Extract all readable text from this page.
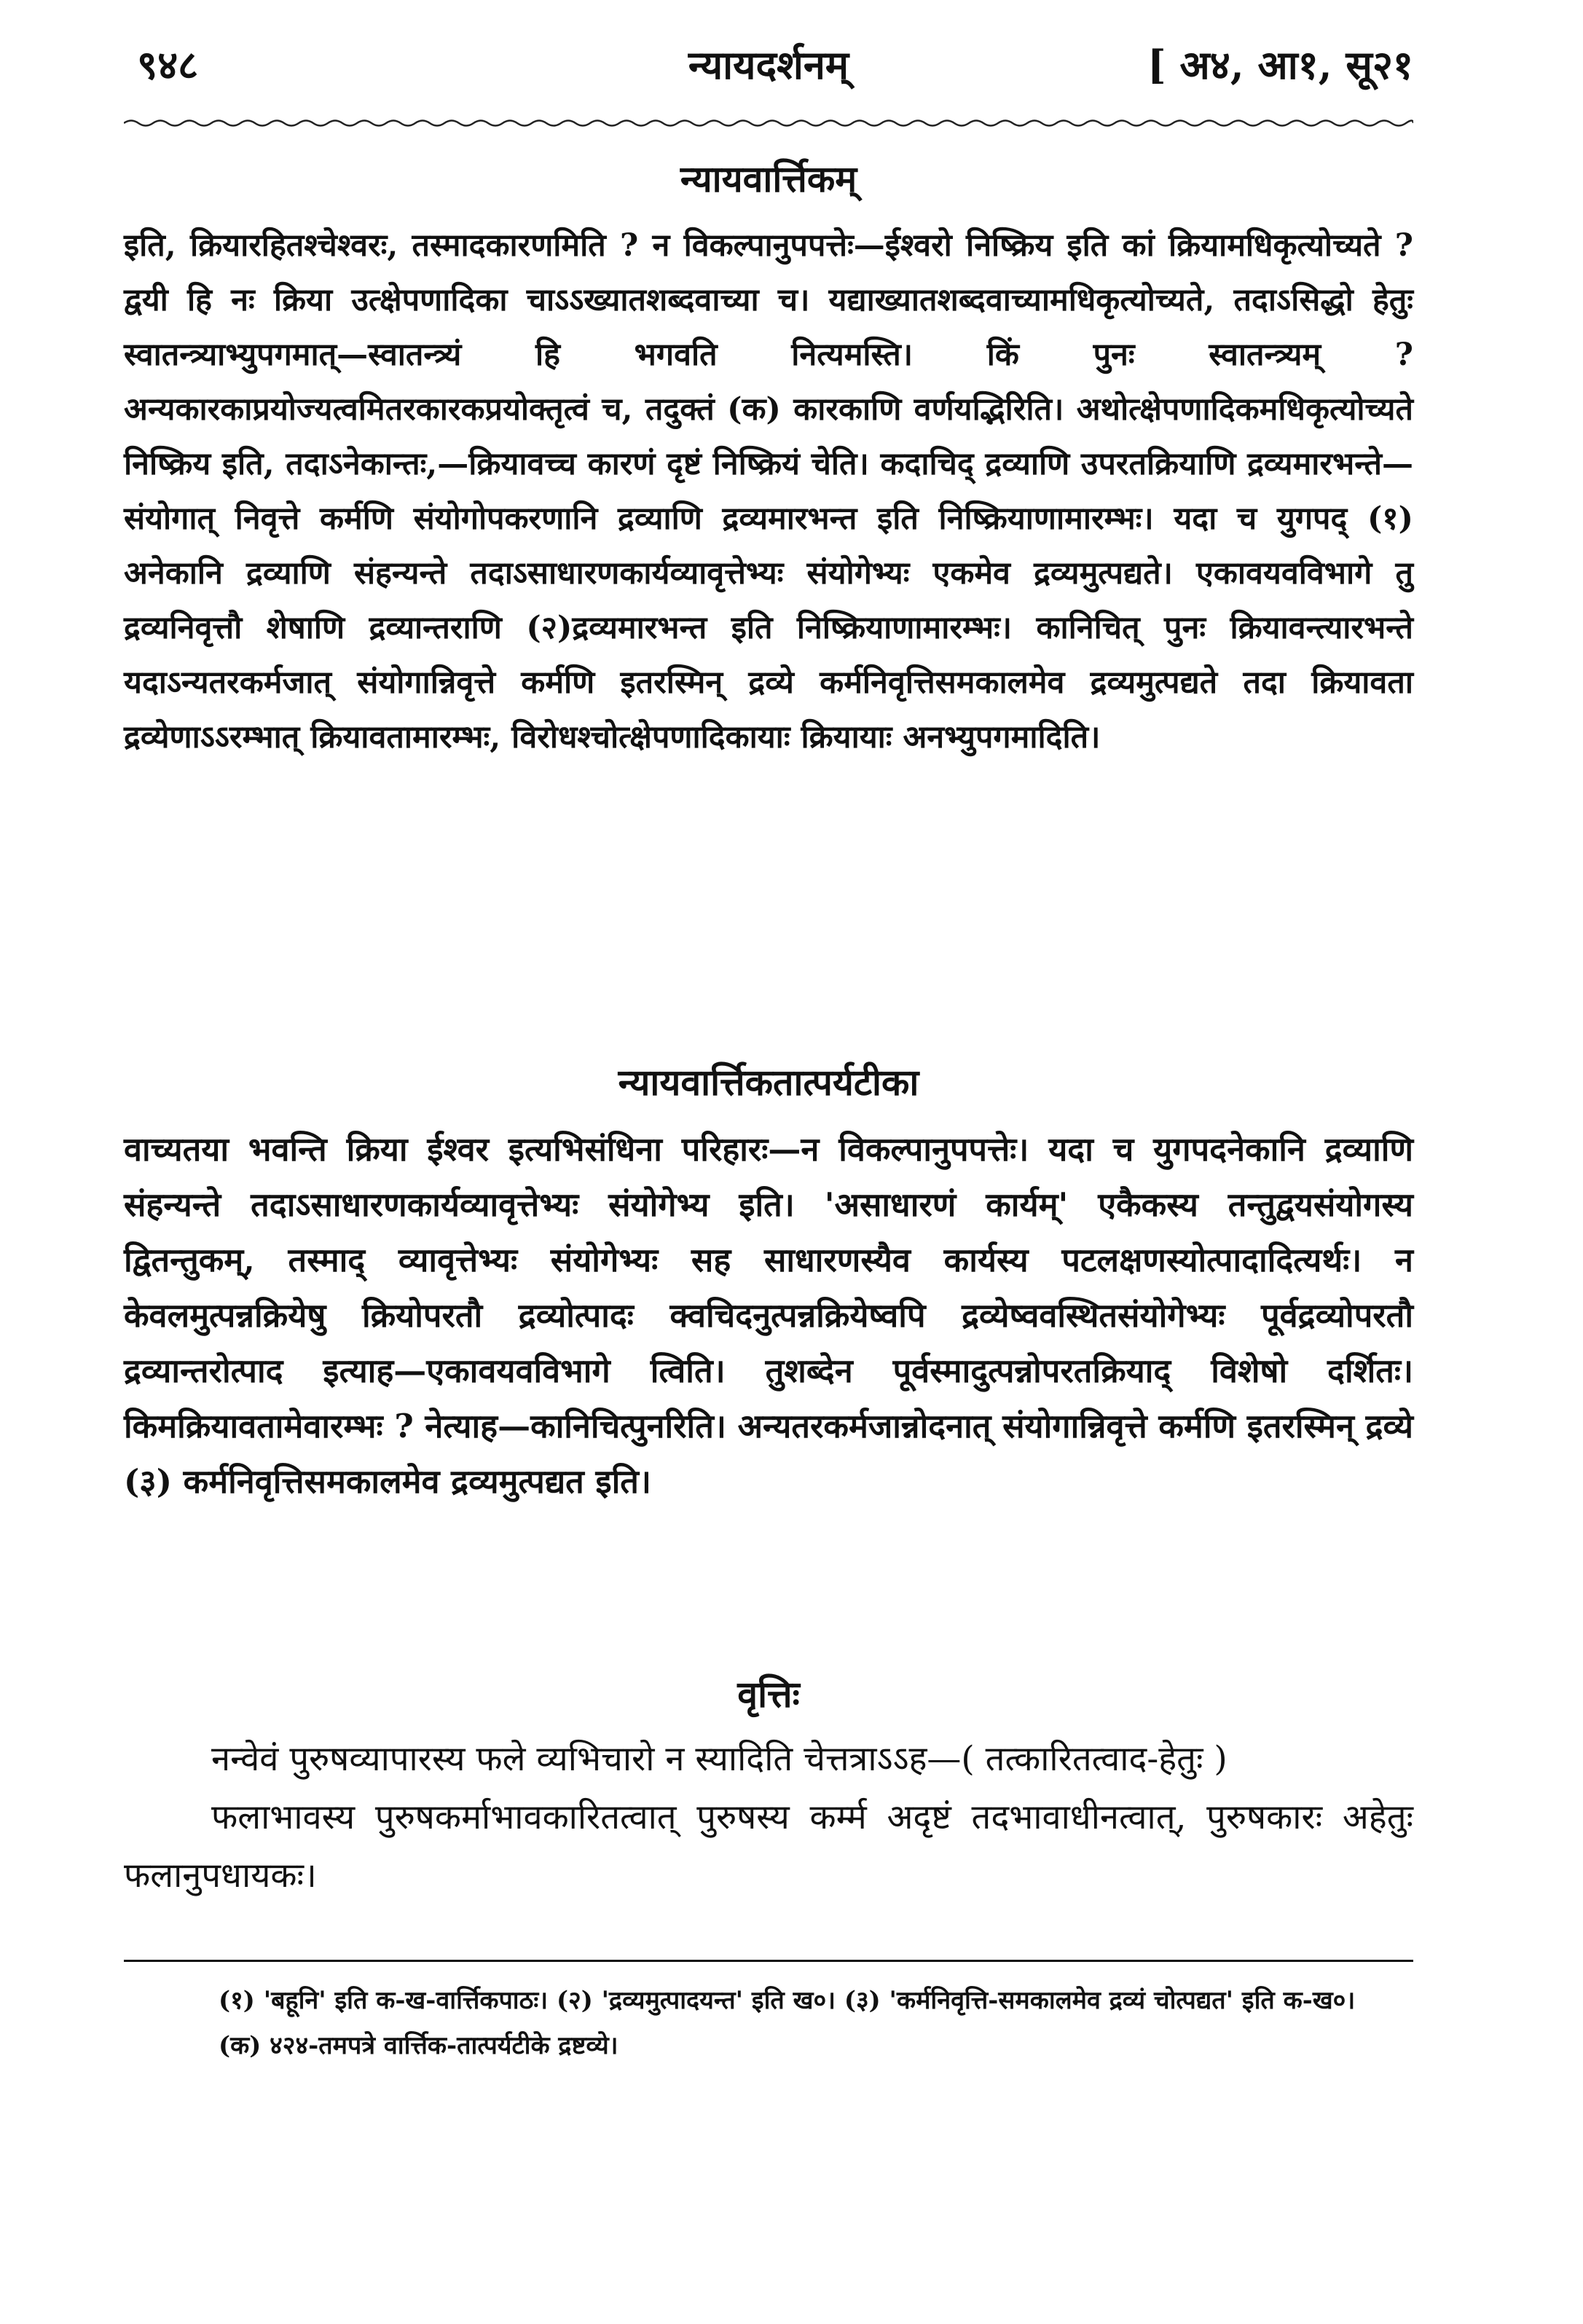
९४८	न्यायदर्शनम्	[ अ४, आ१, सू२१
न्यायवार्त्तिकम्
इति, क्रियारहितश्चेश्वरः, तस्मादकारणमिति ? न विकल्पानुपपत्तेः—ईश्वरो निष्क्रिय इति कां क्रियामधिकृत्योच्यते ? द्वयी हि नः क्रिया उत्क्षेपणादिका चाऽऽख्यातशब्दवाच्या च। यद्याख्यातशब्दवाच्यामधिकृत्योच्यते, तदाऽसिद्धो हेतुः स्वातन्त्र्याभ्युपगमात्—स्वातन्त्र्यं हि भगवति नित्यमस्ति। किं पुनः स्वातन्त्र्यम् ? अन्यकारकाप्रयोज्यत्वमितरकारकप्रयोक्तृत्वं च, तदुक्तं (क) कारकाणि वर्णयद्भिरिति। अथोत्क्षेपणादिकमधिकृत्योच्यते निष्क्रिय इति, तदाऽनेकान्तः,—क्रियावच्च कारणं दृष्टं निष्क्रियं चेति। कदाचिद् द्रव्याणि उपरतक्रियाणि द्रव्यमारभन्ते—संयोगात् निवृत्ते कर्मणि संयोगोपकरणानि द्रव्याणि द्रव्यमारभन्त इति निष्क्रियाणामारम्भः। यदा च युगपद् (१) अनेकानि द्रव्याणि संहन्यन्ते तदाऽसाधारणकार्यव्यावृत्तेभ्यः संयोगेभ्यः एकमेव द्रव्यमुत्पद्यते। एकावयवविभागे तु द्रव्यनिवृत्तौ शेषाणि द्रव्यान्तराणि (२)द्रव्यमारभन्त इति निष्क्रियाणामारम्भः। कानिचित् पुनः क्रियावन्त्यारभन्ते यदाऽन्यतरकर्मजात् संयोगान्निवृत्ते कर्मणि इतरस्मिन् द्रव्ये कर्मनिवृत्तिसमकालमेव द्रव्यमुत्पद्यते तदा क्रियावता द्रव्येणाऽऽरम्भात् क्रियावतामारम्भः, विरोधश्चोत्क्षेपणादिकायाः क्रियायाः अनभ्युपगमादिति।
न्यायवार्त्तिकतात्पर्यटीका
वाच्यतया भवन्ति क्रिया ईश्वर इत्यभिसंधिना परिहारः—न विकल्पानुपपत्तेः। यदा च युगपदनेकानि द्रव्याणि संहन्यन्ते तदाऽसाधारणकार्यव्यावृत्तेभ्यः संयोगेभ्य इति। 'असाधारणं कार्यम्' एकैकस्य तन्तुद्वयसंयोगस्य द्वितन्तुकम्, तस्माद् व्यावृत्तेभ्यः संयोगेभ्यः सह साधारणस्यैव कार्यस्य पटलक्षणस्योत्पादादित्यर्थः। न केवलमुत्पन्नक्रियेषु क्रियोपरतौ द्रव्योत्पादः क्वचिदनुत्पन्नक्रियेष्वपि द्रव्येष्ववस्थितसंयोगेभ्यः पूर्वद्रव्योपरतौ द्रव्यान्तरोत्पाद इत्याह—एकावयवविभागे त्विति। तुशब्देन पूर्वस्मादुत्पन्नोपरतक्रियाद् विशेषो दर्शितः। किमक्रियावतामेवारम्भः ? नेत्याह—कानिचित्पुनरिति। अन्यतरकर्मजान्नोदनात् संयोगान्निवृत्ते कर्मणि इतरस्मिन् द्रव्ये (३) कर्मनिवृत्तिसमकालमेव द्रव्यमुत्पद्यत इति।
वृत्तिः

नन्वेवं पुरुषव्यापारस्य फले व्यभिचारो न स्यादिति चेत्तत्राऽऽह—( तत्कारितत्वाद-हेतुः )

फलाभावस्य पुरुषकर्माभावकारितत्वात् पुरुषस्य कर्म्म अदृष्टं तदभावाधीनत्वात्, पुरुषकारः अहेतुः फलानुपधायकः।

(१) 'बहूनि' इति क-ख-वार्त्तिकपाठः। (२) 'द्रव्यमुत्पादयन्त' इति ख०। (३) 'कर्मनिवृत्ति-समकालमेव द्रव्यं चोत्पद्यत' इति क-ख०।

(क) ४२४-तमपत्रे वार्त्तिक-तात्पर्यटीके द्रष्टव्ये।
